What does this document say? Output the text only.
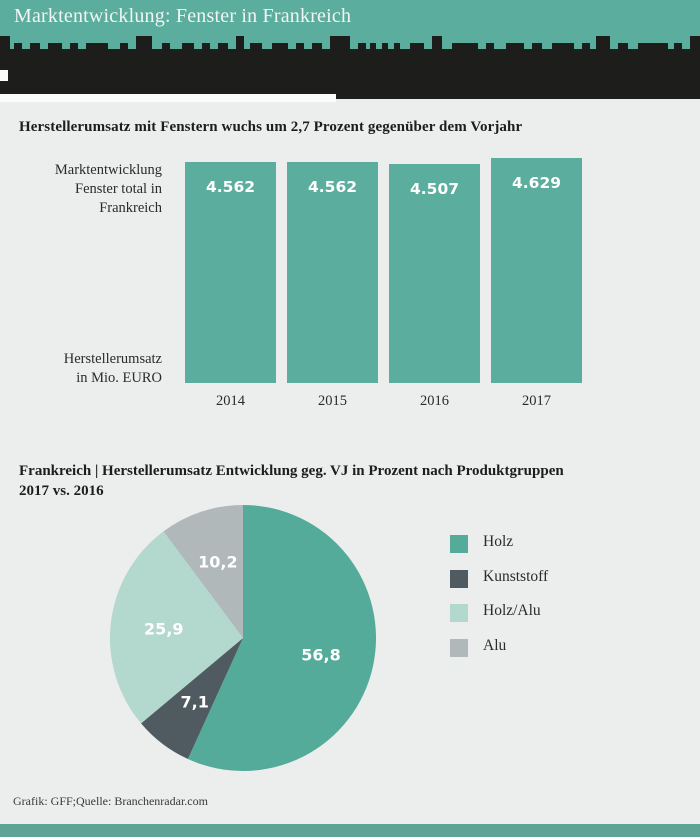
Marktentwicklung: Fenster in Frankreich
Herstellerumsatz mit Fenstern wuchs um 2,7 Prozent gegenüber dem Vorjahr
Marktentwicklung
Fenster total in
Frankreich
Herstellerumsatz
in Mio. EURO
4.562
2014
4.562
2015
4.507
2016
4.629
2017
Frankreich | Herstellerumsatz Entwicklung geg. VJ in Prozent nach Produktgruppen
2017 vs. 2016
56,8
7,1
25,9
10,2
Holz
Kunststoff
Holz/Alu
Alu
Grafik: GFF;Quelle: Branchenradar.com
